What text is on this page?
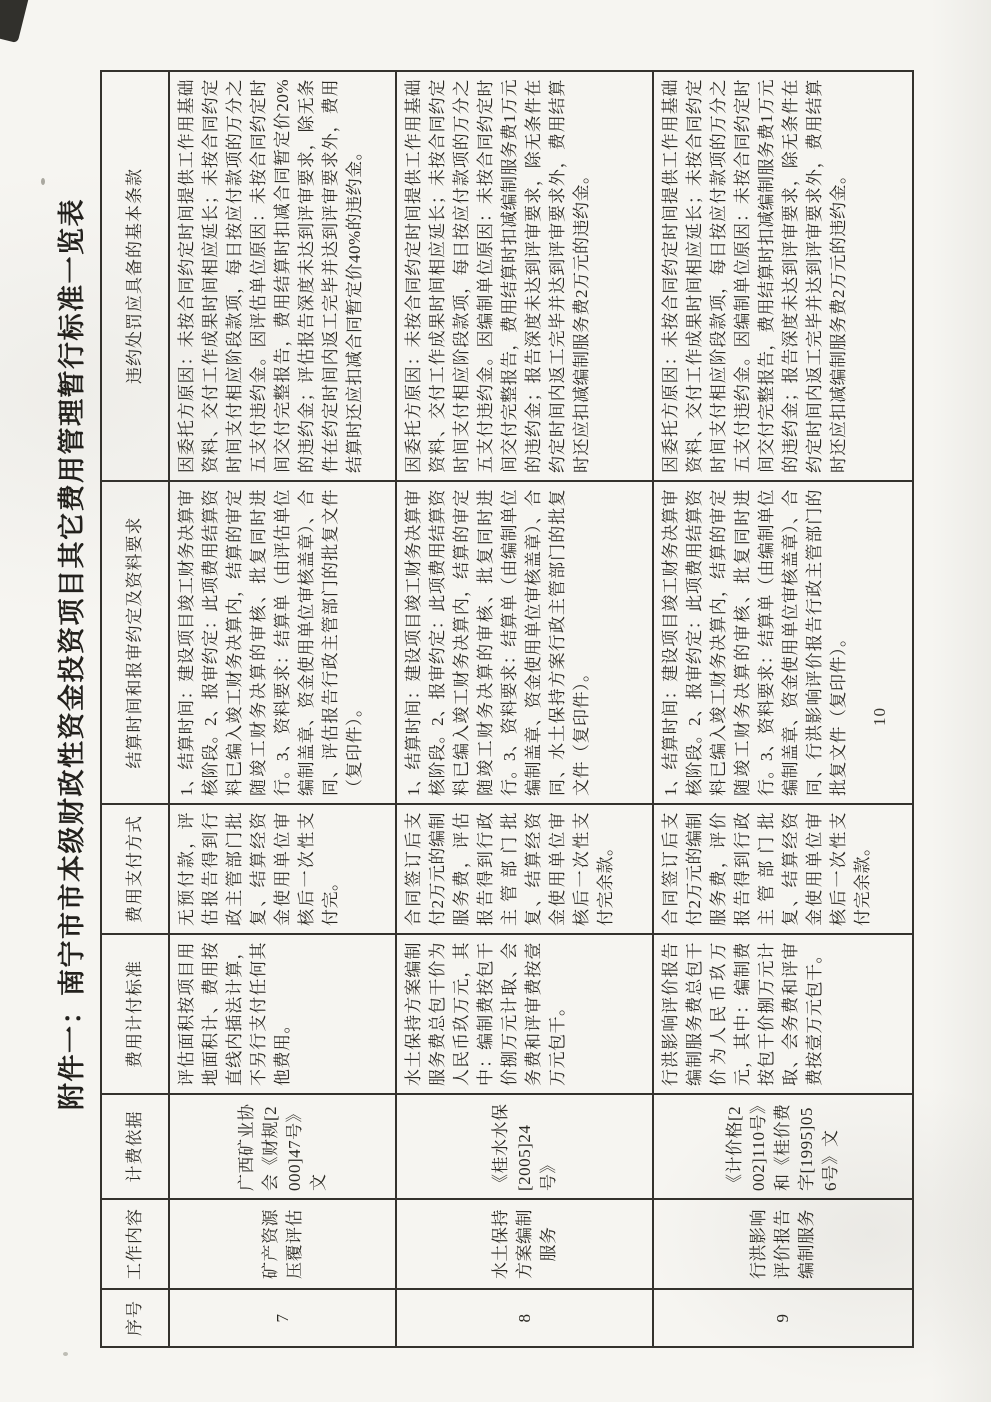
附件一：南宁市市本级财政性资金投资项目其它费用管理暂行标准一览表
序号	工作内容	计费依据	费用计付标准	费用支付方式	结算时间和报审约定及资料要求	违约处罚应具备的基本条款
7	矿产资源压覆评估	广西矿业协会《财规[2000]47号》文	评估面积按项目用地面积计、费用按直线内插法计算，不另行支付任何其他费用。	无预付款，评估报告得到行政主管部门批复、结算经资金使用单位审核后一次性支付完。	1、结算时间：建设项目竣工财务决算审核阶段。2、报审约定：此项费用结算资料已编入竣工财务决算内，结算的审定随竣工财务决算的审核、批复同时进行。3、资料要求：结算单（由评估单位编制盖章、资金使用单位审核盖章）、合同、评估报告行政主管部门的批复文件（复印件）。	因委托方原因：未按合同约定时间提供工作用基础资料、交付工作成果时间相应延长；未按合同约定时间支付相应阶段款项，每日按应付款项的万分之五支付违约金。因评估单位原因：未按合同约定时间交付完整报告，费用结算时扣减合同暂定价20%的违约金；评估报告深度未达到评审要求，除无条件在约定时间内返工完毕并达到评审要求外，费用结算时还应扣减合同暂定价40%的违约金。
8	水土保持方案编制服务	《桂水水保[2005]24号》	水土保持方案编制服务费总包干价为人民币玖万元，其中：编制费按包干价捌万元计取、会务费和评审费按壹万元包干。	合同签订后支付2万元的编制服务费，评估报告得到行政主管部门批复、结算经资金使用单位审核后一次性支付完余款。	1、结算时间：建设项目竣工财务决算审核阶段。2、报审约定：此项费用结算资料已编入竣工财务决算内，结算的审定随竣工财务决算的审核、批复同时进行。3、资料要求：结算单（由编制单位编制盖章、资金使用单位审核盖章）、合同、水土保持方案行政主管部门的批复文件（复印件）。	因委托方原因：未按合同约定时间提供工作用基础资料、交付工作成果时间相应延长；未按合同约定时间支付相应阶段款项，每日按应付款项的万分之五支付违约金。因编制单位原因：未按合同约定时间交付完整报告，费用结算时扣减编制服务费1万元的违约金；报告深度未达到评审要求，除无条件在约定时间内返工完毕并达到评审要求外，费用结算时还应扣减编制服务费2万元的违约金。
9	行洪影响评价报告编制服务	《计价格[2002]110号》和《桂价费字[1995]056号》文	行洪影响评价报告编制服务费总包干价为人民币玖万元，其中：编制费按包干价捌万元计取、会务费和评审费按壹万元包干。	合同签订后支付2万元的编制服务费，评价报告得到行政主管部门批复、结算经资金使用单位审核后一次性支付完余款。	1、结算时间：建设项目竣工财务决算审核阶段。2、报审约定：此项费用结算资料已编入竣工财务决算内，结算的审定随竣工财务决算的审核、批复同时进行。3、资料要求：结算单（由编制单位编制盖章、资金使用单位审核盖章）、合同、行洪影响评价报告行政主管部门的批复文件（复印件）。	因委托方原因：未按合同约定时间提供工作用基础资料、交付工作成果时间相应延长；未按合同约定时间支付相应阶段款项，每日按应付款项的万分之五支付违约金。因编制单位原因：未按合同约定时间交付完整报告，费用结算时扣减编制服务费1万元的违约金；报告深度未达到评审要求，除无条件在约定时间内返工完毕并达到评审要求外，费用结算时还应扣减编制服务费2万元的违约金。
10
